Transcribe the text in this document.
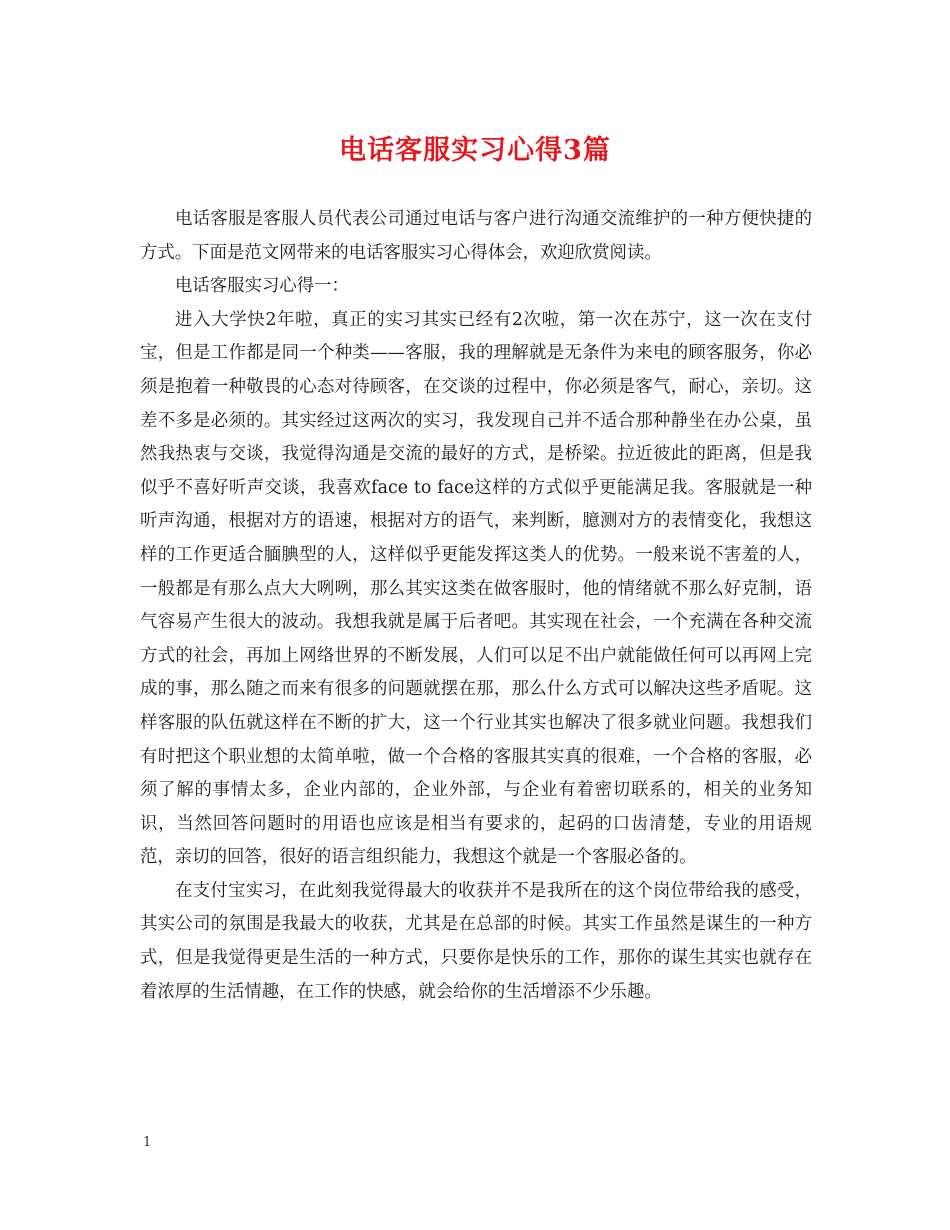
电话客服实习心得3篇

电话客服是客服人员代表公司通过电话与客户进行沟通交流维护的一种方便快捷的方式。下面是范文网带来的电话客服实习心得体会，欢迎欣赏阅读。

电话客服实习心得一：

进入大学快2年啦，真正的实习其实已经有2次啦，第一次在苏宁，这一次在支付宝，但是工作都是同一个种类——客服，我的理解就是无条件为来电的顾客服务，你必须是抱着一种敬畏的心态对待顾客，在交谈的过程中，你必须是客气，耐心，亲切。这差不多是必须的。其实经过这两次的实习，我发现自己并不适合那种静坐在办公桌，虽然我热衷与交谈，我觉得沟通是交流的最好的方式，是桥梁。拉近彼此的距离，但是我似乎不喜好听声交谈，我喜欢face to face这样的方式似乎更能满足我。客服就是一种听声沟通，根据对方的语速，根据对方的语气，来判断，臆测对方的表情变化，我想这样的工作更适合腼腆型的人，这样似乎更能发挥这类人的优势。一般来说不害羞的人，一般都是有那么点大大咧咧，那么其实这类在做客服时，他的情绪就不那么好克制，语气容易产生很大的波动。我想我就是属于后者吧。其实现在社会，一个充满在各种交流方式的社会，再加上网络世界的不断发展，人们可以足不出户就能做任何可以再网上完成的事，那么随之而来有很多的问题就摆在那，那么什么方式可以解决这些矛盾呢。这样客服的队伍就这样在不断的扩大，这一个行业其实也解决了很多就业问题。我想我们有时把这个职业想的太简单啦，做一个合格的客服其实真的很难，一个合格的客服，必须了解的事情太多，企业内部的，企业外部，与企业有着密切联系的，相关的业务知识，当然回答问题时的用语也应该是相当有要求的，起码的口齿清楚，专业的用语规范，亲切的回答，很好的语言组织能力，我想这个就是一个客服必备的。

在支付宝实习，在此刻我觉得最大的收获并不是我所在的这个岗位带给我的感受，其实公司的氛围是我最大的收获，尤其是在总部的时候。其实工作虽然是谋生的一种方式，但是我觉得更是生活的一种方式，只要你是快乐的工作，那你的谋生其实也就存在着浓厚的生活情趣，在工作的快感，就会给你的生活增添不少乐趣。

1
